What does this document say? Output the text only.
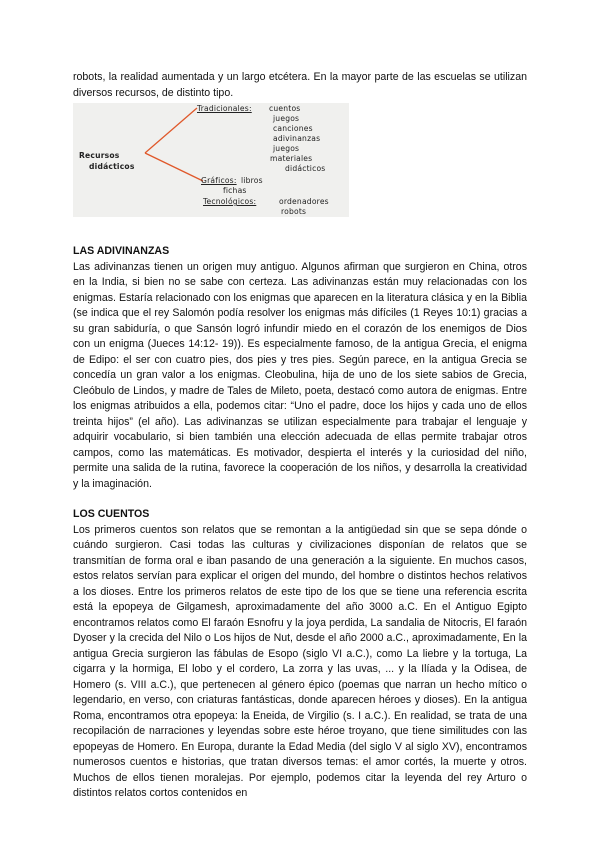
robots, la realidad aumentada y un largo etcétera. En la mayor parte de las escuelas se utilizan diversos recursos, de distinto tipo.

Recursos
didácticos
Tradicionales: cuentos
juegos
canciones
adivinanzas
juegos
materiales
didácticos
Gráficos: libros
fichas
Tecnológicos:	ordenadores
robots
LAS ADIVINANZAS

Las adivinanzas tienen un origen muy antiguo. Algunos afirman que surgieron en China, otros en la India, si bien no se sabe con certeza. Las adivinanzas están muy relacionadas con los enigmas. Estaría relacionado con los enigmas que aparecen en la literatura clásica y en la Biblia (se indica que el rey Salomón podía resolver los enigmas más difíciles (1 Reyes 10:1) gracias a su gran sabiduría, o que Sansón logró infundir miedo en el corazón de los enemigos de Dios con un enigma (Jueces 14:12- 19)). Es especialmente famoso, de la antigua Grecia, el enigma de Edipo: el ser con cuatro pies, dos pies y tres pies. Según parece, en la antigua Grecia se concedía un gran valor a los enigmas. Cleobulina, hija de uno de los siete sabios de Grecia, Cleóbulo de Lindos, y madre de Tales de Mileto, poeta, destacó como autora de enigmas. Entre los enigmas atribuidos a ella, podemos citar: “Uno el padre, doce los hijos y cada uno de ellos treinta hijos” (el año). Las adivinanzas se utilizan especialmente para trabajar el lenguaje y adquirir vocabulario, si bien también una elección adecuada de ellas permite trabajar otros campos, como las matemáticas. Es motivador, despierta el interés y la curiosidad del niño, permite una salida de la rutina, favorece la cooperación de los niños, y desarrolla la creatividad y la imaginación.

LOS CUENTOS

Los primeros cuentos son relatos que se remontan a la antigüedad sin que se sepa dónde o cuándo surgieron. Casi todas las culturas y civilizaciones disponían de relatos que se transmitían de forma oral e iban pasando de una generación a la siguiente. En muchos casos, estos relatos servían para explicar el origen del mundo, del hombre o distintos hechos relativos a los dioses. Entre los primeros relatos de este tipo de los que se tiene una referencia escrita está la epopeya de Gilgamesh, aproximadamente del año 3000 a.C. En el Antiguo Egipto encontramos relatos como El faraón Esnofru y la joya perdida, La sandalia de Nitocris, El faraón Dyoser y la crecida del Nilo o Los hijos de Nut, desde el año 2000 a.C., aproximadamente, En la antigua Grecia surgieron las fábulas de Esopo (siglo VI a.C.), como La liebre y la tortuga, La cigarra y la hormiga, El lobo y el cordero, La zorra y las uvas, ... y la Ilíada y la Odisea, de Homero (s. VIII a.C.), que pertenecen al género épico (poemas que narran un hecho mítico o legendario, en verso, con criaturas fantásticas, donde aparecen héroes y dioses). En la antigua Roma, encontramos otra epopeya: la Eneida, de Virgilio (s. I a.C.). En realidad, se trata de una recopilación de narraciones y leyendas sobre este héroe troyano, que tiene similitudes con las epopeyas de Homero. En Europa, durante la Edad Media (del siglo V al siglo XV), encontramos numerosos cuentos e historias, que tratan diversos temas: el amor cortés, la muerte y otros. Muchos de ellos tienen moralejas. Por ejemplo, podemos citar la leyenda del rey Arturo o distintos relatos cortos contenidos en
